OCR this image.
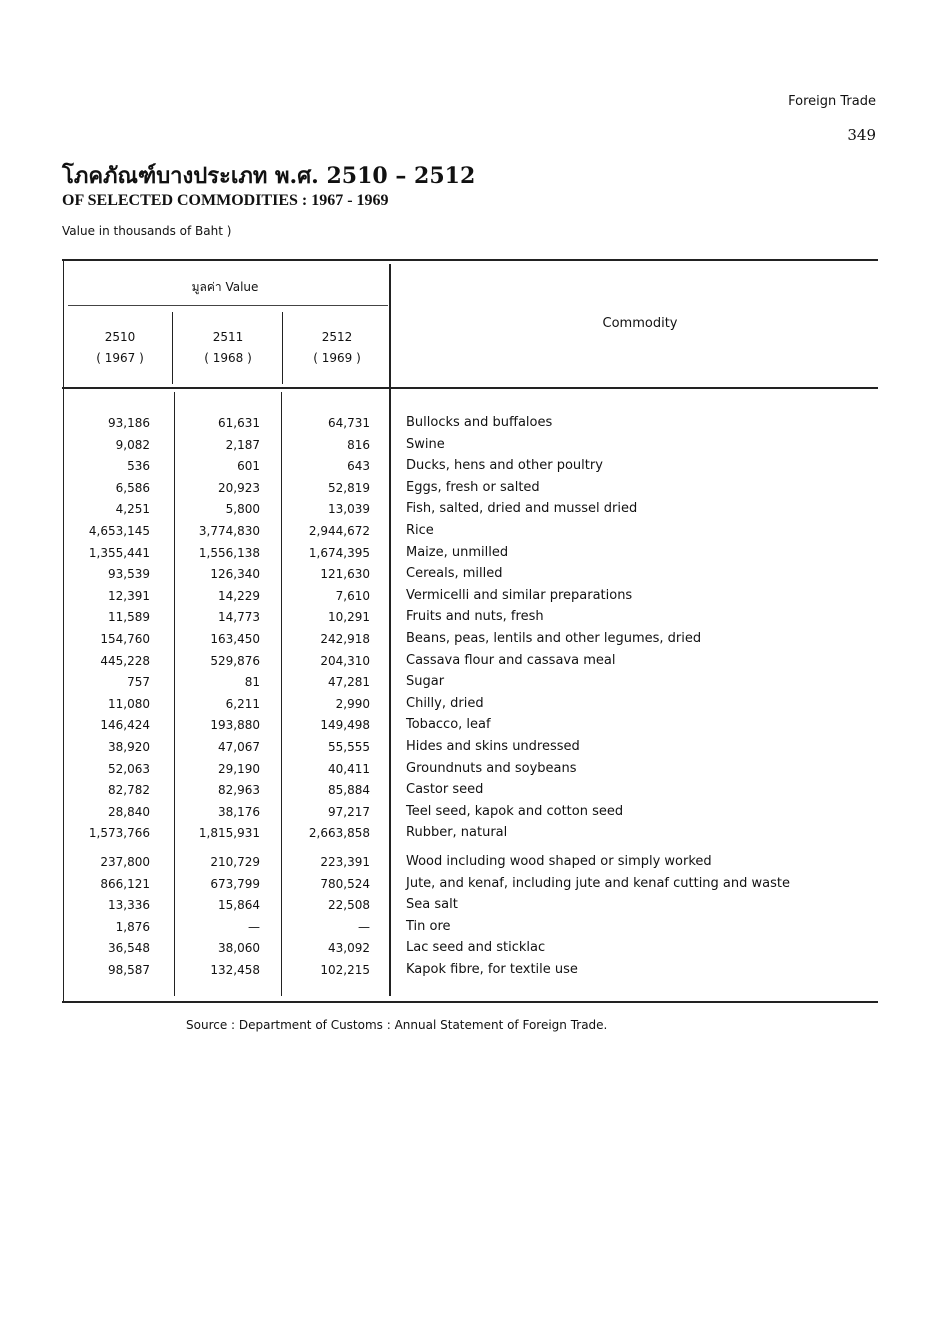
Foreign Trade
349
โภคภัณฑ์บางประเภท พ.ศ. 2510 – 2512
OF SELECTED COMMODITIES : 1967 - 1969
Value in thousands of Baht )
มูลค่า Value
Commodity
2510
( 1967 )
2511
( 1968 )
2512
( 1969 )
93,186	61,631	64,731	Bullocks and buffaloes
9,082	2,187	816	Swine
536	601	643	Ducks, hens and other poultry
6,586	20,923	52,819	Eggs, fresh or salted
4,251	5,800	13,039	Fish, salted, dried and mussel dried
4,653,145	3,774,830	2,944,672	Rice
1,355,441	1,556,138	1,674,395	Maize, unmilled
93,539	126,340	121,630	Cereals, milled
12,391	14,229	7,610	Vermicelli and similar preparations
11,589	14,773	10,291	Fruits and nuts, fresh
154,760	163,450	242,918	Beans, peas, lentils and other legumes, dried
445,228	529,876	204,310	Cassava flour and cassava meal
757	81	47,281	Sugar
11,080	6,211	2,990	Chilly, dried
146,424	193,880	149,498	Tobacco, leaf
38,920	47,067	55,555	Hides and skins undressed
52,063	29,190	40,411	Groundnuts and soybeans
82,782	82,963	85,884	Castor seed
28,840	38,176	97,217	Teel seed, kapok and cotton seed
1,573,766	1,815,931	2,663,858	Rubber, natural
237,800	210,729	223,391	Wood including wood shaped or simply worked
866,121	673,799	780,524	Jute, and kenaf, including jute and kenaf cutting and waste
13,336	15,864	22,508	Sea salt
1,876	—	—	Tin ore
36,548	38,060	43,092	Lac seed and sticklac
98,587	132,458	102,215	Kapok fibre, for textile use
Source : Department of Customs : Annual Statement of Foreign Trade.
